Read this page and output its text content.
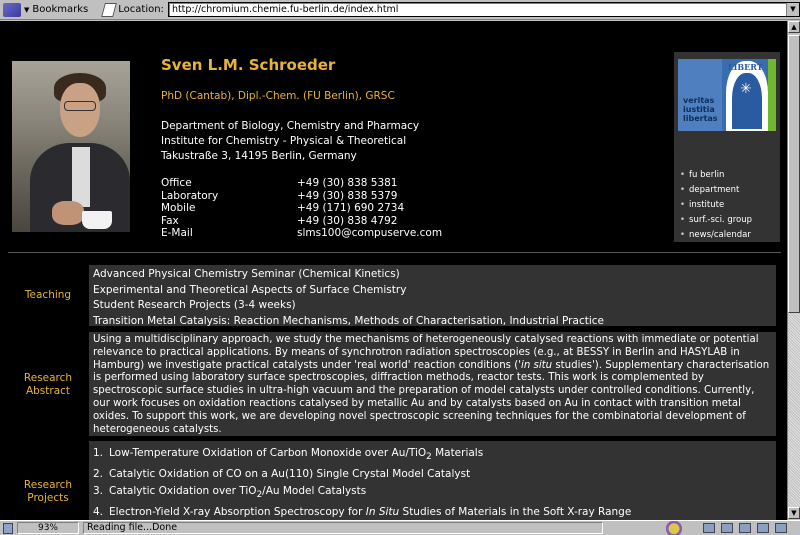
▼ Bookmarks	Location: http://chromium.chemie.fu-berlin.de/index.html	▼
Sven L.M. Schroeder
PhD (Cantab), Dipl.-Chem. (FU Berlin), GRSC
Department of Biology, Chemistry and Pharmacy
Institute for Chemistry - Physical & Theoretical
Takustraße 3, 14195 Berlin, Germany
Office	+49 (30) 838 5381
Laboratory	+49 (30) 838 5379
Mobile	+49 (171) 690 2734
Fax	+49 (30) 838 4792
E-Mail	slms100@compuserve.com
veritas
iustitia
libertas
LIBERT
✳
• fu berlin
• department
• institute
• surf.-sci. group
• news/calendar
Teaching
Advanced Physical Chemistry Seminar (Chemical Kinetics)
Experimental and Theoretical Aspects of Surface Chemistry
Student Research Projects (3-4 weeks)
Transition Metal Catalysis: Reaction Mechanisms, Methods of Characterisation, Industrial Practice
Research
Abstract
Using a multidisciplinary approach, we study the mechanisms of heterogeneously catalysed reactions with immediate or potential relevance to practical applications. By means of synchrotron radiation spectroscopies (e.g., at BESSY in Berlin and HASYLAB in Hamburg) we investigate practical catalysts under 'real world' reaction conditions ('in situ studies'). Supplementary characterisation is performed using laboratory surface spectroscopies, diffraction methods, reactor tests. This work is complemented by spectroscopic surface studies in ultra-high vacuum and the preparation of model catalysts under controlled conditions. Currently, our work focuses on oxidation reactions catalysed by metallic Au and by catalysts based on Au in contact with transition metal oxides. To support this work, we are developing novel spectroscopic screening techniques for the combinatorial development of heterogeneous catalysts.
Research
Projects
1. Low-Temperature Oxidation of Carbon Monoxide over Au/TiO$_2$ Materials
2. Catalytic Oxidation of CO on a Au(110) Single Crystal Model Catalyst
3. Catalytic Oxidation over TiO$_2$/Au Model Catalysts
4. Electron-Yield X-ray Absorption Spectroscopy for In Situ Studies of Materials in the Soft X-ray Range
▲
▼
93%	Reading file...Done
